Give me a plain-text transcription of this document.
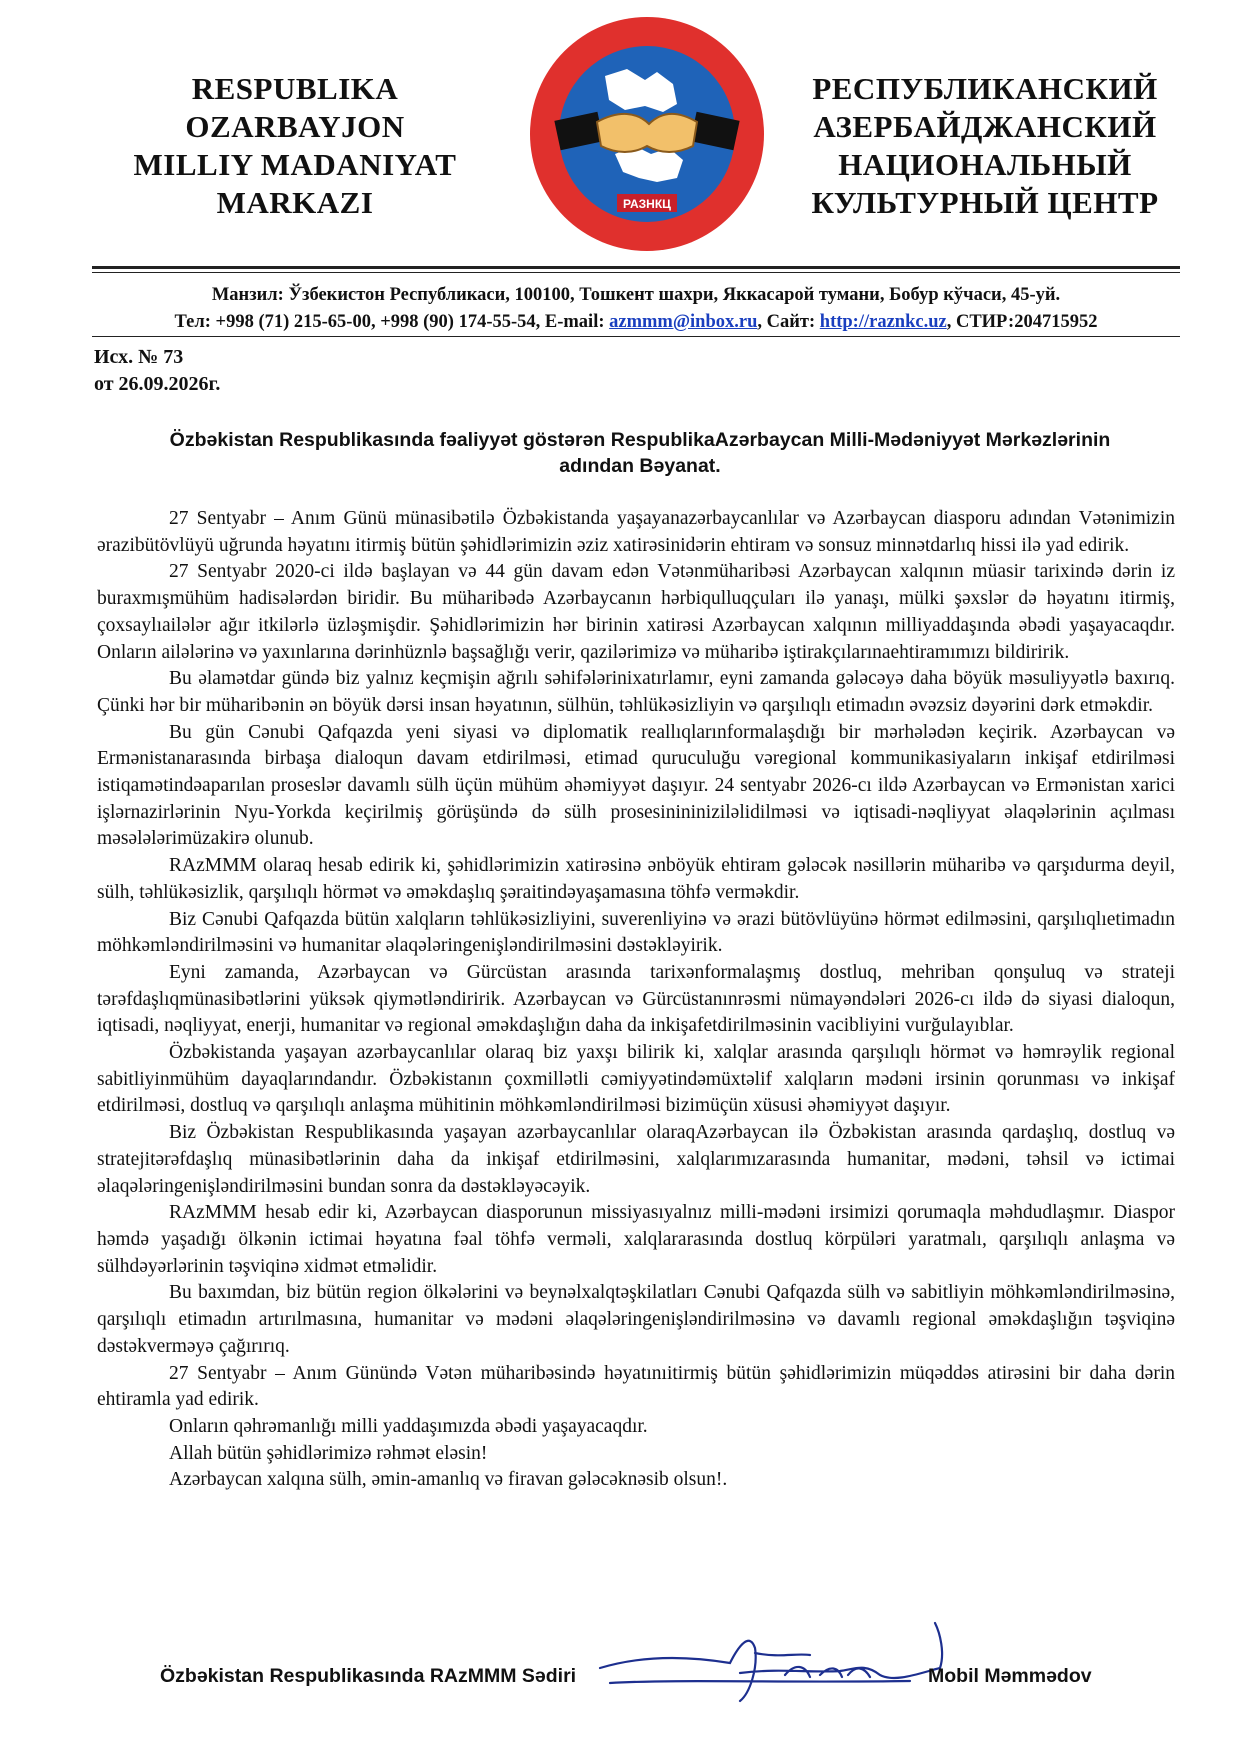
RESPUBLIKA
OZARBAYJON
MILLIY MADANIYAT
MARKAZI	РАЗНКЦ
РЕСПУБЛИКАНСКИЙ
АЗЕРБАЙДЖАНСКИЙ
НАЦИОНАЛЬНЫЙ
КУЛЬТУРНЫЙ ЦЕНТР
Манзил: Ўзбекистон Республикаси, 100100, Тошкент шахри, Яккасарой тумани, Бобур кўчаси, 45-уй.
Тел: +998 (71) 215-65-00, +998 (90) 174-55-54, E-mail: azmmm@inbox.ru, Сайт: http://raznkc.uz, СТИР:204715952
Исх. № 73
от 26.09.2026г.
Özbəkistan Respublikasında fəaliyyət göstərən RespublikaAzərbaycan Milli-Mədəniyyət Mərkəzlərinin
adından Bəyanat.

27 Sentyabr – Anım Günü münasibətilə Özbəkistanda yaşayanazərbaycanlılar və Azərbaycan diasporu adından Vətənimizin ərazibütövlüyü uğrunda həyatını itirmiş bütün şəhidlərimizin əziz xatirəsinidərin ehtiram və sonsuz minnətdarlıq hissi ilə yad edirik.

27 Sentyabr 2020-ci ildə başlayan və 44 gün davam edən Vətənmüharibəsi Azərbaycan xalqının müasir tarixində dərin iz buraxmışmühüm hadisələrdən biridir. Bu müharibədə Azərbaycanın hərbiqulluqçuları ilə yanaşı, mülki şəxslər də həyatını itirmiş, çoxsaylıailələr ağır itkilərlə üzləşmişdir. Şəhidlərimizin hər birinin xatirəsi Azərbaycan xalqının milliyaddaşında əbədi yaşayacaqdır. Onların ailələrinə və yaxınlarına dərinhüznlə başsağlığı verir, qazilərimizə və müharibə iştirakçılarınaehtiramımızı bildiririk.

Bu əlamətdar gündə biz yalnız keçmişin ağrılı səhifələrinixatırlamır, eyni zamanda gələcəyə daha böyük məsuliyyətlə baxırıq. Çünki hər bir müharibənin ən böyük dərsi insan həyatının, sülhün, təhlükəsizliyin və qarşılıqlı etimadın əvəzsiz dəyərini dərk etməkdir.

Bu gün Cənubi Qafqazda yeni siyasi və diplomatik reallıqlarınformalaşdığı bir mərhələdən keçirik. Azərbaycan və Ermənistanarasında birbaşa dialoqun davam etdirilməsi, etimad quruculuğu vəregional kommunikasiyaların inkişaf etdirilməsi istiqamətindəaparılan proseslər davamlı sülh üçün mühüm əhəmiyyət daşıyır. 24 sentyabr 2026-cı ildə Azərbaycan və Ermənistan xarici işlərnazirlərinin Nyu-Yorkda keçirilmiş görüşündə də sülh prosesinininiziləlidilməsi və iqtisadi-nəqliyyat əlaqələrinin açılması məsələlərimüzakirə olunub.

RAzMMM olaraq hesab edirik ki, şəhidlərimizin xatirəsinə ənböyük ehtiram gələcək nəsillərin müharibə və qarşıdurma deyil, sülh, təhlükəsizlik, qarşılıqlı hörmət və əməkdaşlıq şəraitindəyaşamasına töhfə verməkdir.

Biz Cənubi Qafqazda bütün xalqların təhlükəsizliyini, suverenliyinə və ərazi bütövlüyünə hörmət edilməsini, qarşılıqlıetimadın möhkəmləndirilməsini və humanitar əlaqələringenişləndirilməsini dəstəkləyirik.

Eyni zamanda, Azərbaycan və Gürcüstan arasında tarixənformalaşmış dostluq, mehriban qonşuluq və strateji tərəfdaşlıqmünasibətlərini yüksək qiymətləndiririk. Azərbaycan və Gürcüstanınrəsmi nümayəndələri 2026-cı ildə də siyasi dialoqun, iqtisadi, nəqliyyat, enerji, humanitar və regional əməkdaşlığın daha da inkişafetdirilməsinin vacibliyini vurğulayıblar.

Özbəkistanda yaşayan azərbaycanlılar olaraq biz yaxşı bilirik ki, xalqlar arasında qarşılıqlı hörmət və həmrəylik regional sabitliyinmühüm dayaqlarındandır. Özbəkistanın çoxmillətli cəmiyyətindəmüxtəlif xalqların mədəni irsinin qorunması və inkişaf etdirilməsi, dostluq və qarşılıqlı anlaşma mühitinin möhkəmləndirilməsi bizimüçün xüsusi əhəmiyyət daşıyır.

Biz Özbəkistan Respublikasında yaşayan azərbaycanlılar olaraqAzərbaycan ilə Özbəkistan arasında qardaşlıq, dostluq və stratejitərəfdaşlıq münasibətlərinin daha da inkişaf etdirilməsini, xalqlarımızarasında humanitar, mədəni, təhsil və ictimai əlaqələringenişləndirilməsini bundan sonra da dəstəkləyəcəyik.

RAzMMM hesab edir ki, Azərbaycan diasporunun missiyasıyalnız milli-mədəni irsimizi qorumaqla məhdudlaşmır. Diaspor həmdə yaşadığı ölkənin ictimai həyatına fəal töhfə verməli, xalqlararasında dostluq körpüləri yaratmalı, qarşılıqlı anlaşma və sülhdəyərlərinin təşviqinə xidmət etməlidir.

Bu baxımdan, biz bütün region ölkələrini və beynəlxalqtəşkilatları Cənubi Qafqazda sülh və sabitliyin möhkəmləndirilməsinə, qarşılıqlı etimadın artırılmasına, humanitar və mədəni əlaqələringenişləndirilməsinə və davamlı regional əməkdaşlığın təşviqinə dəstəkverməyə çağırırıq.

27 Sentyabr – Anım Günündə Vətən müharibəsində həyatınıitirmiş bütün şəhidlərimizin müqəddəs atirəsini bir daha dərin ehtiramla yad edirik.

Onların qəhrəmanlığı milli yaddaşımızda əbədi yaşayacaqdır.

Allah bütün şəhidlərimizə rəhmət eləsin!

Azərbaycan xalqına sülh, əmin-amanlıq və firavan gələcəknəsib olsun!.

Özbəkistan Respublikasında RAzMMM Sədiri	Mobil Məmmədov
